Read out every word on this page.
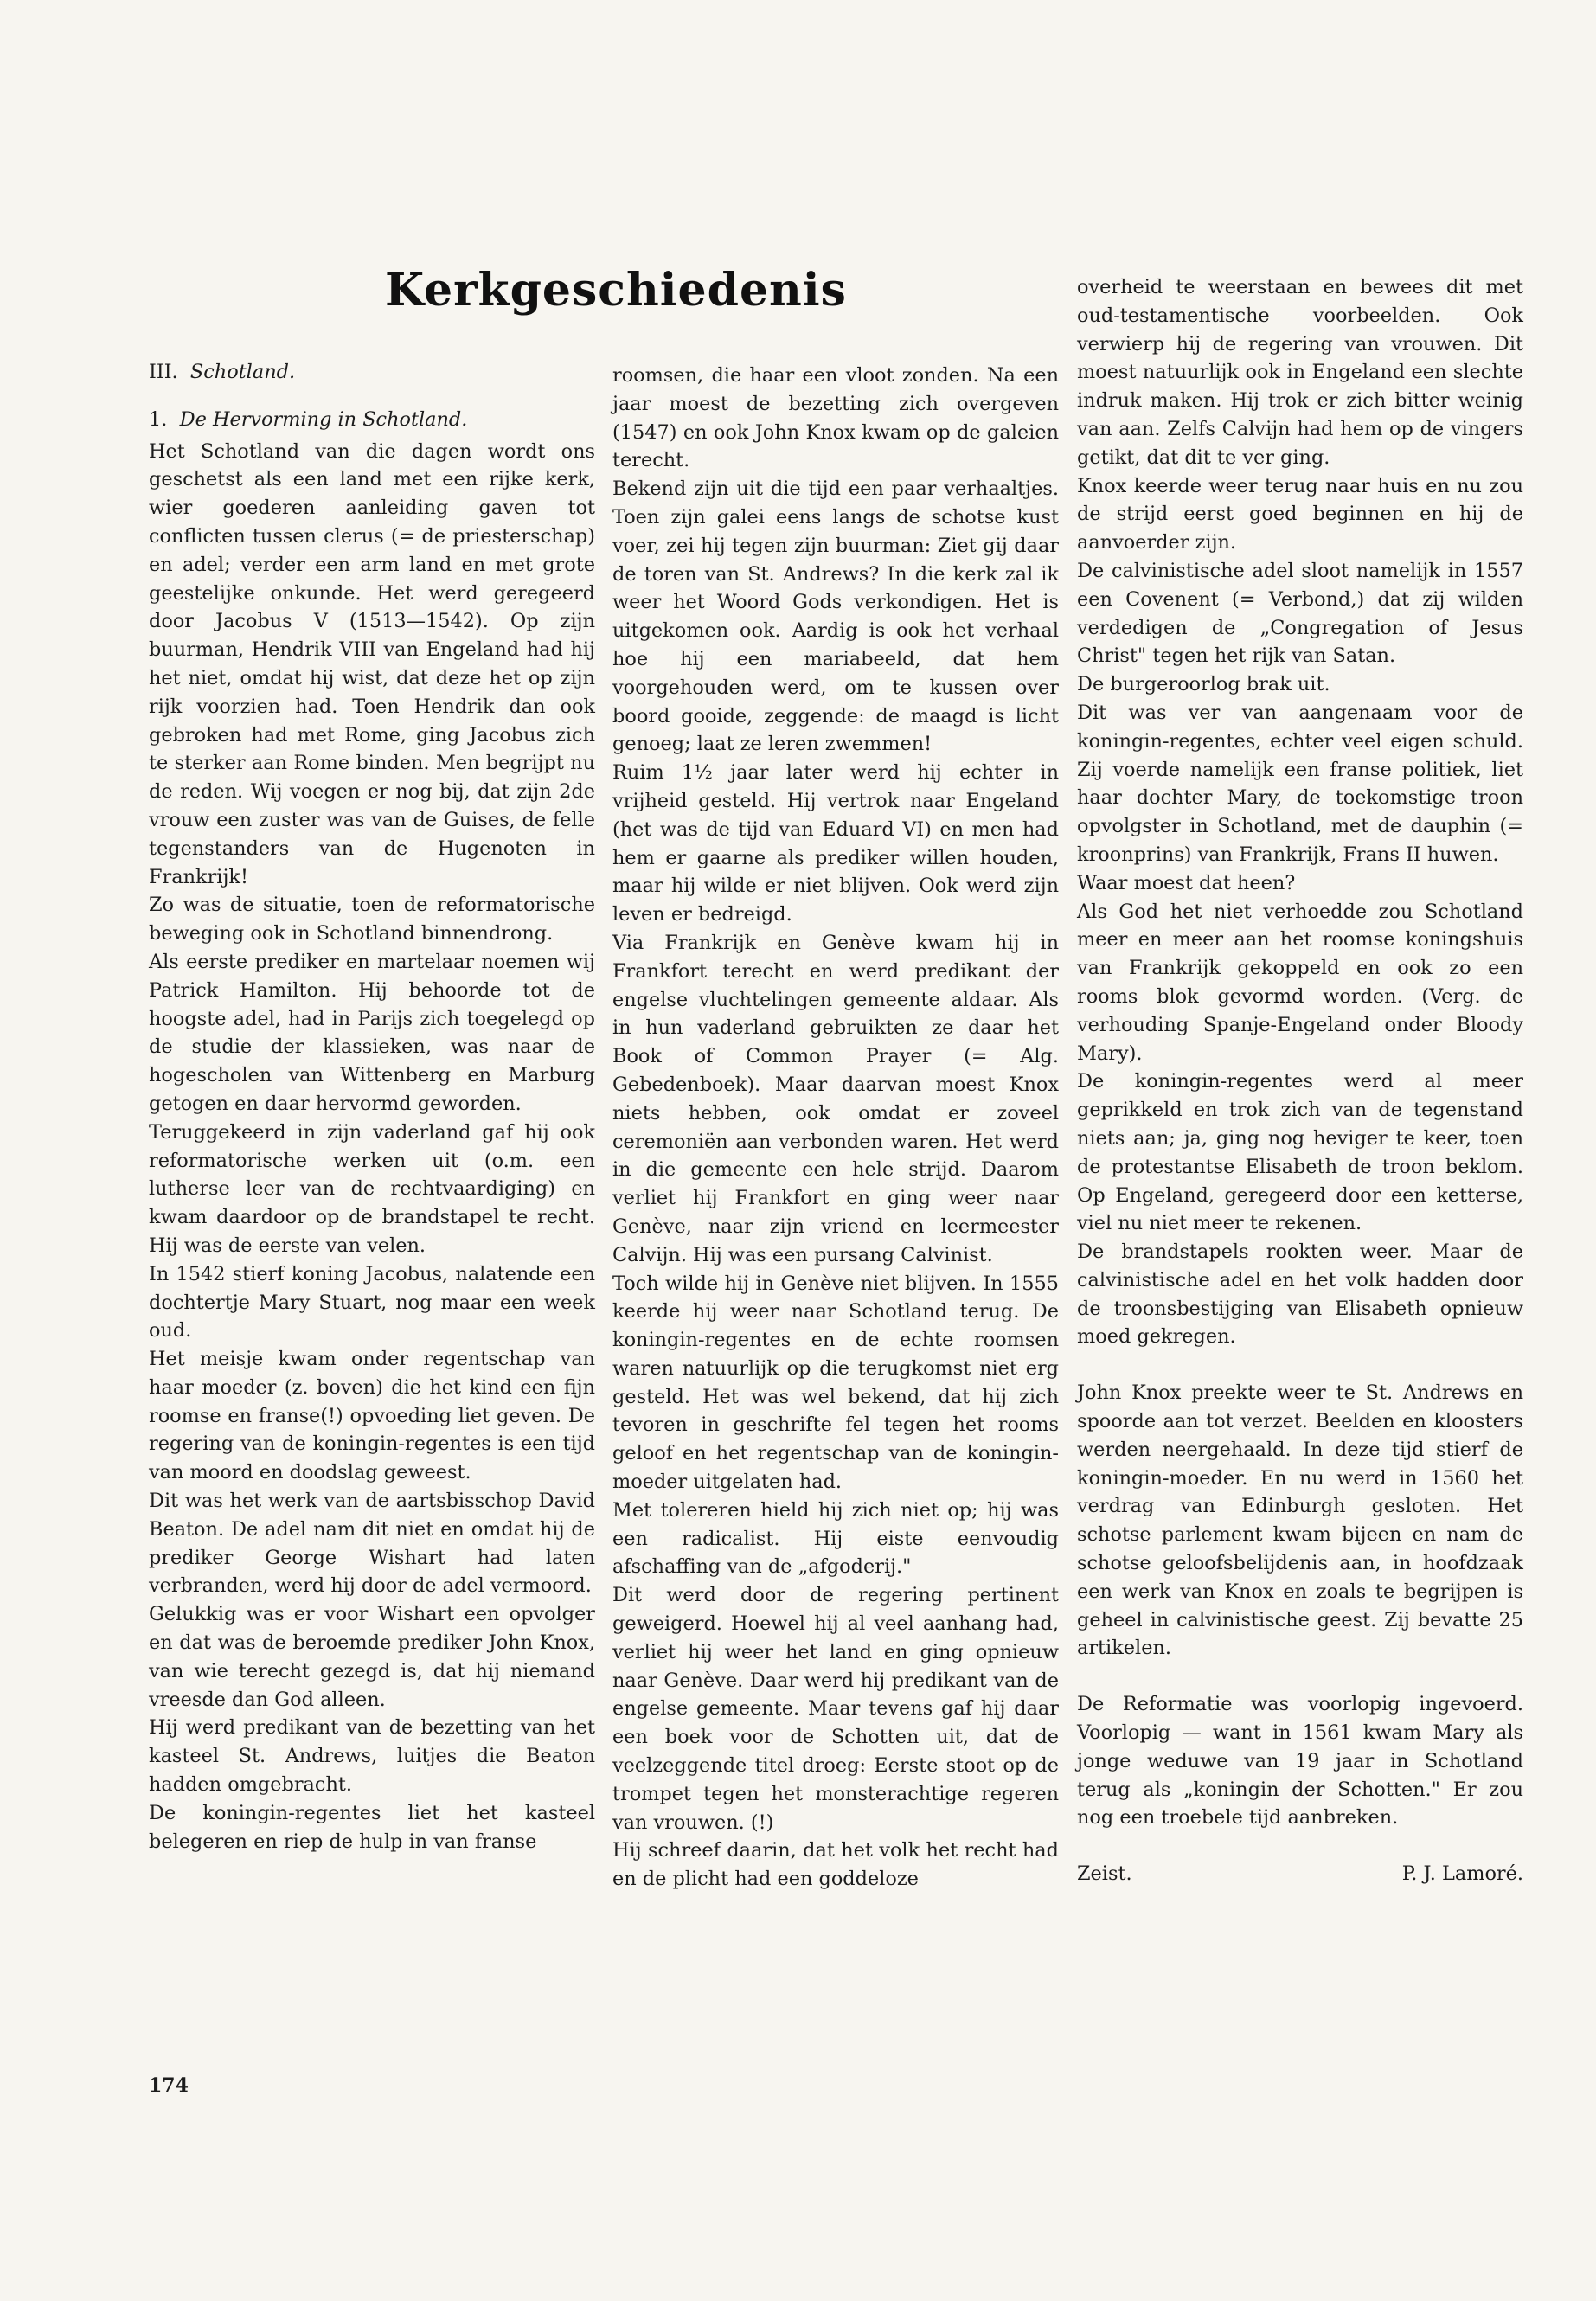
Kerkgeschiedenis

III. Schotland.

1. De Hervorming in Schotland.

Het Schotland van die dagen wordt ons geschetst als een land met een rijke kerk, wier goederen aanleiding gaven tot conflicten tussen clerus (= de priesterschap) en adel; verder een arm land en met grote geestelijke onkunde. Het werd geregeerd door Jacobus V (1513—1542). Op zijn buurman, Hendrik VIII van Engeland had hij het niet, omdat hij wist, dat deze het op zijn rijk voorzien had. Toen Hendrik dan ook gebroken had met Rome, ging Jacobus zich te sterker aan Rome binden. Men begrijpt nu de reden. Wij voegen er nog bij, dat zijn 2de vrouw een zuster was van de Guises, de felle tegenstanders van de Hugenoten in Frankrijk!

Zo was de situatie, toen de reformatorische beweging ook in Schotland binnendrong.

Als eerste prediker en martelaar noemen wij Patrick Hamilton. Hij behoorde tot de hoogste adel, had in Parijs zich toegelegd op de studie der klassieken, was naar de hogescholen van Wittenberg en Marburg getogen en daar hervormd geworden.

Teruggekeerd in zijn vaderland gaf hij ook reformatorische werken uit (o.m. een lutherse leer van de rechtvaardiging) en kwam daardoor op de brandstapel te recht. Hij was de eerste van velen.

In 1542 stierf koning Jacobus, nalatende een dochtertje Mary Stuart, nog maar een week oud.

Het meisje kwam onder regentschap van haar moeder (z. boven) die het kind een fijn roomse en franse(!) opvoeding liet geven. De regering van de koningin-regentes is een tijd van moord en doodslag geweest.

Dit was het werk van de aartsbisschop David Beaton. De adel nam dit niet en omdat hij de prediker George Wishart had laten verbranden, werd hij door de adel vermoord.

Gelukkig was er voor Wishart een opvolger en dat was de beroemde prediker John Knox, van wie terecht gezegd is, dat hij niemand vreesde dan God alleen.

Hij werd predikant van de bezetting van het kasteel St. Andrews, luitjes die Beaton hadden omgebracht.

De koningin-regentes liet het kasteel belegeren en riep de hulp in van franse

roomsen, die haar een vloot zonden. Na een jaar moest de bezetting zich overgeven (1547) en ook John Knox kwam op de galeien terecht.

Bekend zijn uit die tijd een paar verhaaltjes. Toen zijn galei eens langs de schotse kust voer, zei hij tegen zijn buurman: Ziet gij daar de toren van St. Andrews? In die kerk zal ik weer het Woord Gods verkondigen. Het is uitgekomen ook. Aardig is ook het verhaal hoe hij een mariabeeld, dat hem voorgehouden werd, om te kussen over boord gooide, zeggende: de maagd is licht genoeg; laat ze leren zwemmen!

Ruim 1½ jaar later werd hij echter in vrijheid gesteld. Hij vertrok naar Engeland (het was de tijd van Eduard VI) en men had hem er gaarne als prediker willen houden, maar hij wilde er niet blijven. Ook werd zijn leven er bedreigd.

Via Frankrijk en Genève kwam hij in Frankfort terecht en werd predikant der engelse vluchtelingen gemeente aldaar. Als in hun vaderland gebruikten ze daar het Book of Common Prayer (= Alg. Gebedenboek). Maar daarvan moest Knox niets hebben, ook omdat er zoveel ceremoniën aan verbonden waren. Het werd in die gemeente een hele strijd. Daarom verliet hij Frankfort en ging weer naar Genève, naar zijn vriend en leermeester Calvijn. Hij was een pursang Calvinist.

Toch wilde hij in Genève niet blijven. In 1555 keerde hij weer naar Schotland terug. De koningin-regentes en de echte roomsen waren natuurlijk op die terugkomst niet erg gesteld. Het was wel bekend, dat hij zich tevoren in geschrifte fel tegen het rooms geloof en het regentschap van de koningin-moeder uitgelaten had.

Met tolereren hield hij zich niet op; hij was een radicalist. Hij eiste eenvoudig afschaffing van de „afgoderij."

Dit werd door de regering pertinent geweigerd. Hoewel hij al veel aanhang had, verliet hij weer het land en ging opnieuw naar Genève. Daar werd hij predikant van de engelse gemeente. Maar tevens gaf hij daar een boek voor de Schotten uit, dat de veelzeggende titel droeg: Eerste stoot op de trompet tegen het monsterachtige regeren van vrouwen. (!)

Hij schreef daarin, dat het volk het recht had en de plicht had een goddeloze

overheid te weerstaan en bewees dit met oud-testamentische voorbeelden. Ook verwierp hij de regering van vrouwen. Dit moest natuurlijk ook in Engeland een slechte indruk maken. Hij trok er zich bitter weinig van aan. Zelfs Calvijn had hem op de vingers getikt, dat dit te ver ging.

Knox keerde weer terug naar huis en nu zou de strijd eerst goed beginnen en hij de aanvoerder zijn.

De calvinistische adel sloot namelijk in 1557 een Covenent (= Verbond,) dat zij wilden verdedigen de „Congregation of Jesus Christ" tegen het rijk van Satan.

De burgeroorlog brak uit.

Dit was ver van aangenaam voor de koningin-regentes, echter veel eigen schuld. Zij voerde namelijk een franse politiek, liet haar dochter Mary, de toekomstige troon opvolgster in Schotland, met de dauphin (= kroonprins) van Frankrijk, Frans II huwen.

Waar moest dat heen?

Als God het niet verhoedde zou Schotland meer en meer aan het roomse koningshuis van Frankrijk gekoppeld en ook zo een rooms blok gevormd worden. (Verg. de verhouding Spanje-Engeland onder Bloody Mary).

De koningin-regentes werd al meer geprikkeld en trok zich van de tegenstand niets aan; ja, ging nog heviger te keer, toen de protestantse Elisabeth de troon beklom. Op Engeland, geregeerd door een ketterse, viel nu niet meer te rekenen.

De brandstapels rookten weer. Maar de calvinistische adel en het volk hadden door de troonsbestijging van Elisabeth opnieuw moed gekregen.

John Knox preekte weer te St. Andrews en spoorde aan tot verzet. Beelden en kloosters werden neergehaald. In deze tijd stierf de koningin-moeder. En nu werd in 1560 het verdrag van Edinburgh gesloten. Het schotse parlement kwam bijeen en nam de schotse geloofsbelijdenis aan, in hoofdzaak een werk van Knox en zoals te begrijpen is geheel in calvinistische geest. Zij bevatte 25 artikelen.

De Reformatie was voorlopig ingevoerd. Voorlopig — want in 1561 kwam Mary als jonge weduwe van 19 jaar in Schotland terug als „koningin der Schotten." Er zou nog een troebele tijd aanbreken.

Zeist.	P. J. Lamoré.

174
